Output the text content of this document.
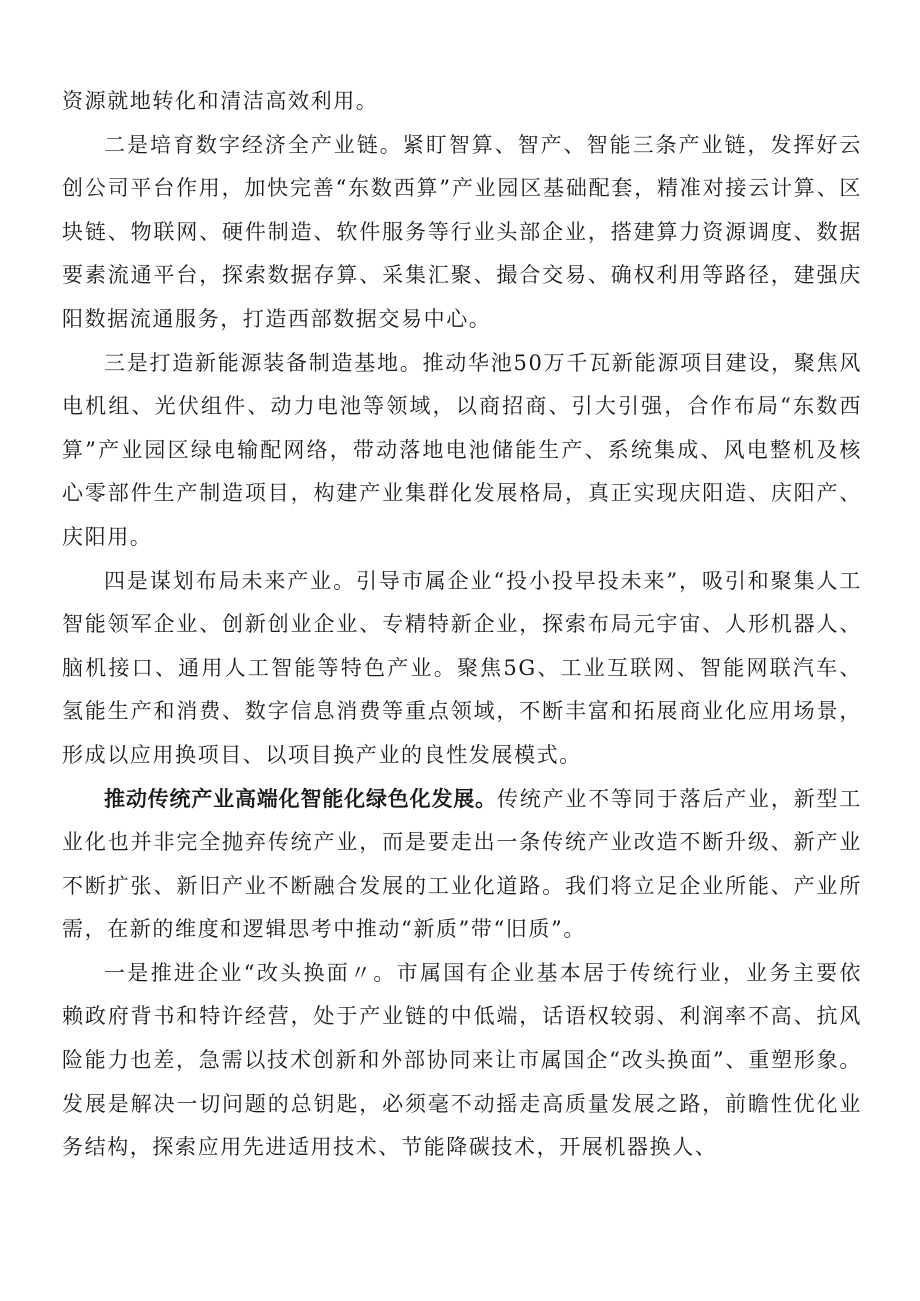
资源就地转化和清洁高效利用。

二是培育数字经济全产业链。紧盯智算、智产、智能三条产业链，发挥好云创公司平台作用，加快完善“东数西算”产业园区基础配套，精准对接云计算、区块链、物联网、硬件制造、软件服务等行业头部企业，搭建算力资源调度、数据要素流通平台，探索数据存算、采集汇聚、撮合交易、确权利用等路径，建强庆阳数据流通服务，打造西部数据交易中心。

三是打造新能源装备制造基地。推动华池50万千瓦新能源项目建设，聚焦风电机组、光伏组件、动力电池等领域，以商招商、引大引强，合作布局“东数西算”产业园区绿电输配网络，带动落地电池储能生产、系统集成、风电整机及核心零部件生产制造项目，构建产业集群化发展格局，真正实现庆阳造、庆阳产、庆阳用。

四是谋划布局未来产业。引导市属企业“投小投早投未来”，吸引和聚集人工智能领军企业、创新创业企业、专精特新企业，探索布局元宇宙、人形机器人、脑机接口、通用人工智能等特色产业。聚焦5G、工业互联网、智能网联汽车、氢能生产和消费、数字信息消费等重点领域，不断丰富和拓展商业化应用场景，形成以应用换项目、以项目换产业的良性发展模式。

推动传统产业高端化智能化绿色化发展。传统产业不等同于落后产业，新型工业化也并非完全抛弃传统产业，而是要走出一条传统产业改造不断升级、新产业不断扩张、新旧产业不断融合发展的工业化道路。我们将立足企业所能、产业所需，在新的维度和逻辑思考中推动“新质”带“旧质”。

一是推进企业“改头换面〃。市属国有企业基本居于传统行业，业务主要依赖政府背书和特许经营，处于产业链的中低端，话语权较弱、利润率不高、抗风险能力也差，急需以技术创新和外部协同来让市属国企“改头换面”、重塑形象。发展是解决一切问题的总钥匙，必须毫不动摇走高质量发展之路，前瞻性优化业务结构，探索应用先进适用技术、节能降碳技术，开展机器换人、
